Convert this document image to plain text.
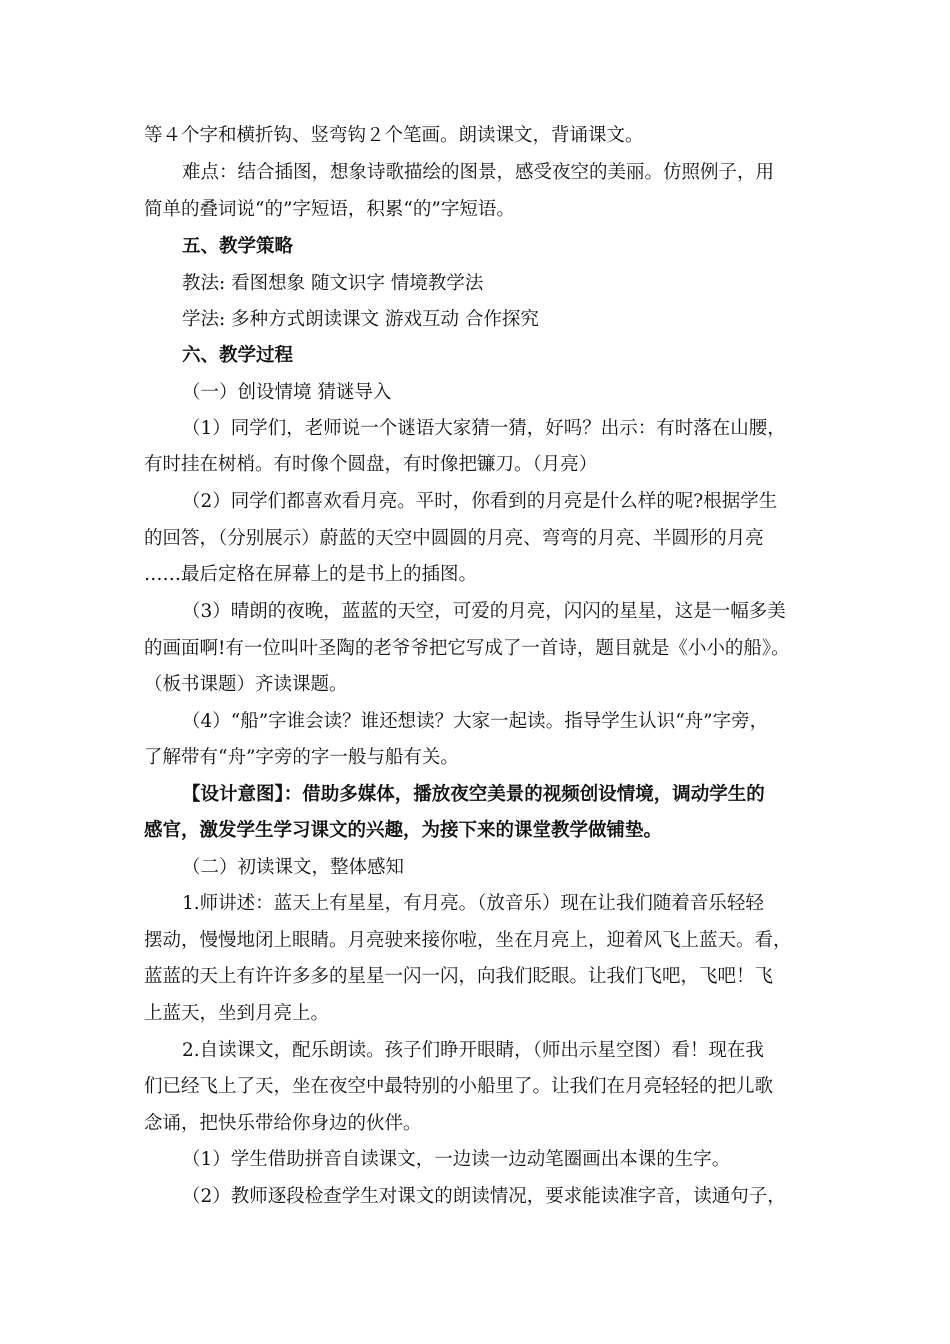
等４个字和横折钩、竖弯钩２个笔画。朗读课文，背诵课文。
难点：结合插图，想象诗歌描绘的图景，感受夜空的美丽。仿照例子，用
简单的叠词说“的”字短语，积累“的”字短语。
五、教学策略
教法: 看图想象 随文识字 情境教学法
学法: 多种方式朗读课文 游戏互动 合作探究
六、教学过程
（一）创设情境 猜谜导入
（1）同学们，老师说一个谜语大家猜一猜，好吗？出示：有时落在山腰，
有时挂在树梢。有时像个圆盘，有时像把镰刀。（月亮）
（2）同学们都喜欢看月亮。平时，你看到的月亮是什么样的呢?根据学生
的回答，（分别展示）蔚蓝的天空中圆圆的月亮、弯弯的月亮、半圆形的月亮
……最后定格在屏幕上的是书上的插图。
（3）晴朗的夜晚，蓝蓝的天空，可爱的月亮，闪闪的星星，这是一幅多美
的画面啊!有一位叫叶圣陶的老爷爷把它写成了一首诗，题目就是《小小的船》。
（板书课题）齐读课题。
（4）“船”字谁会读？谁还想读？大家一起读。指导学生认识“舟”字旁，
了解带有“舟”字旁的字一般与船有关。
【设计意图】：借助多媒体，播放夜空美景的视频创设情境，调动学生的
感官，激发学生学习课文的兴趣，为接下来的课堂教学做铺垫。
（二）初读课文，整体感知
1.师讲述：蓝天上有星星，有月亮。（放音乐）现在让我们随着音乐轻轻
摆动，慢慢地闭上眼睛。月亮驶来接你啦，坐在月亮上，迎着风飞上蓝天。看，
蓝蓝的天上有许许多多的星星一闪一闪，向我们眨眼。让我们飞吧，飞吧！飞
上蓝天，坐到月亮上。
2.自读课文，配乐朗读。孩子们睁开眼睛，（师出示星空图）看！现在我
们已经飞上了天，坐在夜空中最特别的小船里了。让我们在月亮轻轻的把儿歌
念诵，把快乐带给你身边的伙伴。
（1）学生借助拼音自读课文，一边读一边动笔圈画出本课的生字。
（2）教师逐段检查学生对课文的朗读情况，要求能读准字音，读通句子，
